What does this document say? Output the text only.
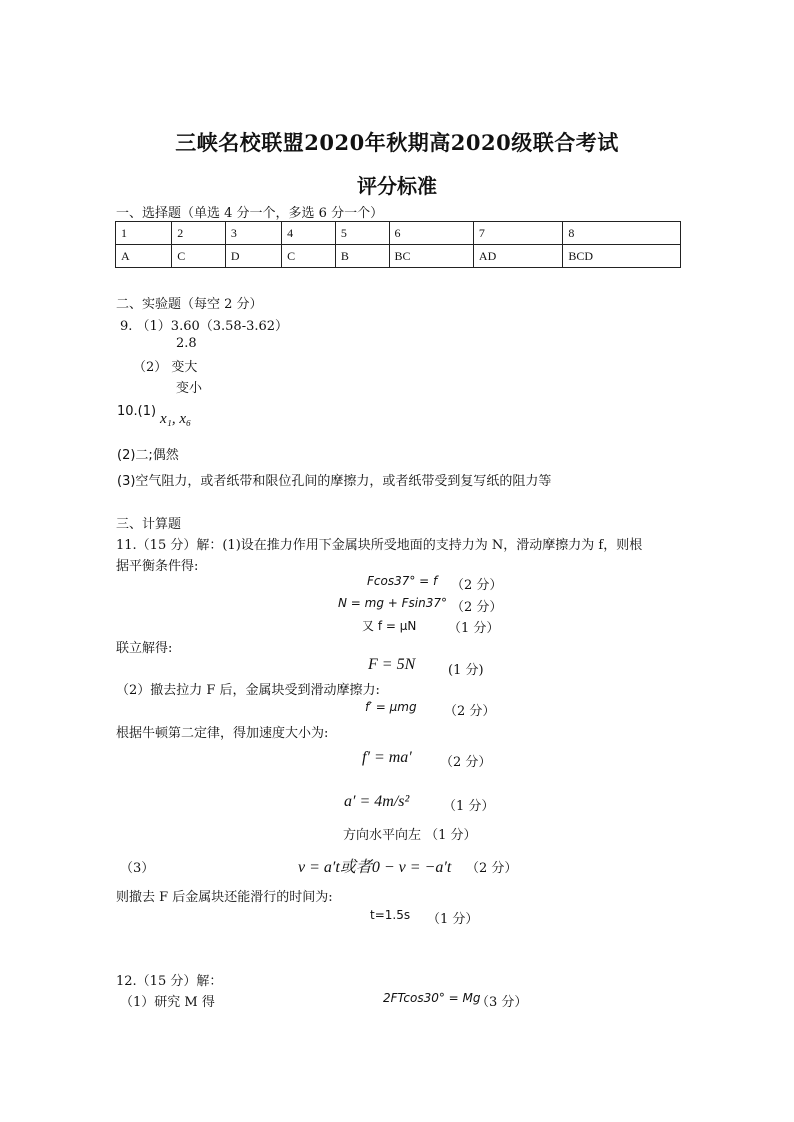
三峡名校联盟2020年秋期高2020级联合考试
评分标准
一、选择题（单选 4 分一个，多选 6 分一个）
1	2	3	4	5	6	7	8
A	C	D	C	B	BC	AD	BCD
二、实验题（每空 2 分）
9. （1）3.60（3.58-3.62）
2.8
（2） 变大
变小
10.(1) x₁, x₆
(2)二;偶然
(3)空气阻力，或者纸带和限位孔间的摩擦力，或者纸带受到复写纸的阻力等
三、计算题
11.（15 分）解：(1)设在推力作用下金属块所受地面的支持力为 N，滑动摩擦力为 f，则根
据平衡条件得:
Fcos37° = f （2 分）
N = mg + Fsin37° （2 分）
又 f = μN （1 分）
联立解得:
F = 5N	(1 分)
（2）撤去拉力 F 后，金属块受到滑动摩擦力:
f′ = μmg （2 分）
根据牛顿第二定律，得加速度大小为:
f′ = ma′ （2 分）
a′ = 4m/s²	（1 分）
方向水平向左 （1 分）
（3）	v = a′t或者0 − v = −a′t （2 分）
则撤去 F 后金属块还能滑行的时间为:
t=1.5s （1 分）
12.（15 分）解：
（1）研究 M 得	2FTcos30° = Mg
（3 分）
